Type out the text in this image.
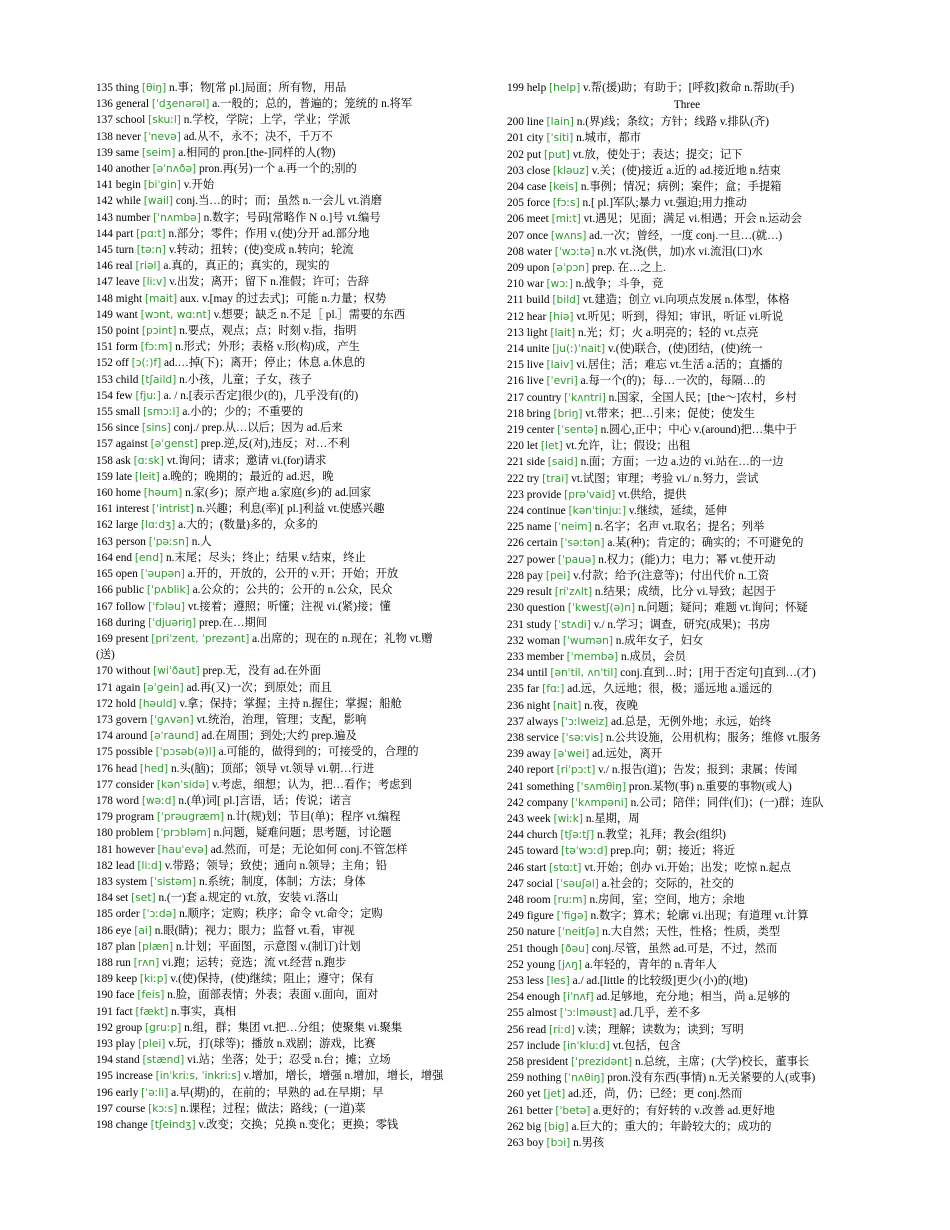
135 thing [θiŋ] n.事；物[常 pl.]局面；所有物，用品
136 general [ˈdʒenərəl] a.一般的；总的，普遍的；笼统的 n.将军
137 school [skuːl] n.学校，学院；上学，学业；学派
138 never [ˈnevə] ad.从不，永不；决不，千万不
139 same [seim] a.相同的 pron.[the-]同样的人(物)
140 another [əˈnʌðə] pron.再(另)一个 a.再一个的;别的
141 begin [biˈgin] v.开始
142 while [wail] conj.当…的时；而；虽然 n.一会儿 vt.消磨
143 number [ˈnʌmbə] n.数字；号码[常略作 N o.]号 vt.编号
144 part [pɑːt] n.部分；零件；作用 v.(使)分开 ad.部分地
145 turn [təːn] v.转动；扭转；(使)变成 n.转向；轮流
146 real [riəl] a.真的，真正的；真实的，现实的
147 leave [liːv] v.出发；离开；留下 n.准假；许可；告辞
148 might [mait] aux. v.[may 的过去式]；可能 n.力量；权势
149 want [wɔnt, wɑːnt] v.想要；缺乏 n.不足［ pl.］需要的东西
150 point [pɔint] n.要点，观点；点；时刻 v.指，指明
151 form [fɔːm] n.形式；外形；表格 v.形(构)成，产生
152 off [ɔ(ː)f] ad.…掉(下)；离开；停止；休息 a.休息的
153 child [tʃaild] n.小孩，儿童；子女，孩子
154 few [fjuː] a. / n.[表示否定]很少(的)，几乎没有(的)
155 small [smɔːl] a.小的；少的；不重要的
156 since [sins] conj./ prep.从…以后；因为 ad.后来
157 against [əˈgenst] prep.逆,反(对),违反；对…不利
158 ask [ɑːsk] vt.询问；请求；邀请 vi.(for)请求
159 late [leit] a.晚的；晚期的；最近的 ad.迟，晚
160 home [həum] n.家(乡)；原产地 a.家庭(乡)的 ad.回家
161 interest [ˈintrist] n.兴趣；利息(率)[ pl.]利益 vt.使感兴趣
162 large [lɑːdʒ] a.大的；(数量)多的，众多的
163 person [ˈpəːsn] n.人
164 end [end] n.末尾；尽头；终止；结果 v.结束，终止
165 open [ˈəupən] a.开的，开放的，公开的 v.开；开始；开放
166 public [ˈpʌblik] a.公众的；公共的；公开的 n.公众，民众
167 follow [ˈfɔləu] vt.接着；遵照；听懂；注视 vi.(紧)接；懂
168 during [ˈdjuəriŋ] prep.在…期间
169 present [priˈzent, ˈprezənt] a.出席的；现在的 n.现在；礼物 vt.赠(送)
170 without [wiˈðaut] prep.无，没有 ad.在外面
171 again [əˈgein] ad.再(又)一次；到原处；而且
172 hold [həuld] v.拿；保持；掌握；主持 n.握住；掌握；船舱
173 govern [ˈgʌvən] vt.统治，治理，管理；支配，影响
174 around [əˈraund] ad.在周围；到处;大约 prep.遍及
175 possible [ˈpɔsəb(ə)l] a.可能的，做得到的；可接受的，合理的
176 head [hed] n.头(脑)；顶部；领导 vt.领导 vi.朝…行进
177 consider [kənˈsidə] v.考虑，细想；认为，把…看作；考虑到
178 word [wəːd] n.(单)词[ pl.]言语，话；传说；诺言
179 program [ˈprəugræm] n.计(规)划；节目(单)；程序 vt.编程
180 problem [ˈprɔbləm] n.问题，疑难问题；思考题，讨论题
181 however [hauˈevə] ad.然而，可是；无论如何 conj.不管怎样
182 lead [liːd] v.带路；领导；致使；通向 n.领导；主角；铅
183 system [ˈsistəm] n.系统；制度，体制；方法；身体
184 set [set] n.(一)套 a.规定的 vt.放，安装 vi.落山
185 order [ˈɔːdə] n.顺序；定购；秩序；命令 vt.命令；定购
186 eye [ai] n.眼(睛)；视力；眼力；监督 vt.看，审视
187 plan [plæn] n.计划；平面图，示意图 v.(制订)计划
188 run [rʌn] vi.跑；运转；竞选；流 vt.经营 n.跑步
189 keep [kiːp] v.(使)保持，(使)继续；阻止；遵守；保有
190 face [feis] n.脸，面部表情；外表；表面 v.面向，面对
191 fact [fækt] n.事实，真相
192 group [gruːp] n.组，群；集团 vt.把…分组；使聚集 vi.聚集
193 play [plei] v.玩，打(球等)；播放 n.戏剧；游戏，比赛
194 stand [stænd] vi.站；坐落；处于；忍受 n.台；摊；立场
195 increase [inˈkriːs, ˈinkriːs] v.增加，增长，增强 n.增加，增长，增强
196 early [ˈəːli] a.早(期)的，在前的；早熟的 ad.在早期；早
197 course [kɔːs] n.课程；过程；做法；路线；(一道)菜
198 change [tʃeindʒ] v.改变；交换；兑换 n.变化；更换；零钱
199 help [help] v.帮(援)助；有助于；[呼救]救命 n.帮助(手)
Three
200 line [lain] n.(界)线；条纹；方针；线路 v.排队(齐)
201 city [ˈsiti] n.城市，都市
202 put [put] vt.放，使处于；表达；提交；记下
203 close [kləuz] v.关；(使)接近 a.近的 ad.接近地 n.结束
204 case [keis] n.事例；情况；病例；案件；盒；手提箱
205 force [fɔːs] n.[ pl.]军队;暴力 vt.强迫;用力推动
206 meet [miːt] vt.遇见；见面；满足 vi.相遇；开会 n.运动会
207 once [wʌns] ad.一次；曾经，一度 conj.一旦…(就…)
208 water [ˈwɔːtə] n.水 vt.浇(供，加)水 vi.流泪(口)水
209 upon [əˈpɔn] prep. 在…之上.
210 war [wɔː] n.战争；斗争，竞
211 build [bild] vt.建造；创立 vi.向项点发展 n.体型，体格
212 hear [hiə] vt.听见；听到，得知；审讯，听证 vi.听说
213 light [lait] n.光；灯；火 a.明亮的；轻的 vt.点亮
214 unite [ju(ː)ˈnait] v.(使)联合，(使)团结，(使)统一
215 live [laiv] vi.居住；活；难忘 vt.生活 a.活的；直播的
216 live [ˈevri] a.每一个(的)；每…一次的，每隔…的
217 country [ˈkʌntri] n.国家，全国人民；[the～]农村，乡村
218 bring [briŋ] vt.带来；把…引来；促使；使发生
219 center [ˈsentə] n.圆心,正中；中心 v.(around)把…集中于
220 let [let] vt.允许，让；假设；出租
221 side [said] n.面；方面；一边 a.边的 vi.站在…的一边
222 try [trai] vt.试图；审理；考验 vi./ n.努力，尝试
223 provide [prəˈvaid] vt.供给，提供
224 continue [kənˈtinjuː] v.继续，延续，延伸
225 name [ˈneim] n.名字；名声 vt.取名；提名；列举
226 certain [ˈsəːtən] a.某(种)；肯定的；确实的；不可避免的
227 power [ˈpauə] n.权力；(能)力；电力；幂 vt.使开动
228 pay [pei] v.付款；给予(注意等)；付出代价 n.工资
229 result [riˈzʌlt] n.结果；成绩，比分 vi.导致；起因于
230 question [ˈkwestʃ(ə)n] n.问题；疑问；难题 vt.询问；怀疑
231 study [ˈstʌdi] v./ n.学习；调查，研究(成果)；书房
232 woman [ˈwumən] n.成年女子，妇女
233 member [ˈmembə] n.成员，会员
234 until [ənˈtil, ʌnˈtil] conj.直到…时；[用于否定句]直到…(才)
235 far [fɑː] ad.远，久远地；很，极；遥远地 a.遥远的
236 night [nait] n.夜，夜晚
237 always [ˈɔːlweiz] ad.总是，无例外地；永远，始终
238 service [ˈsəːvis] n.公共设施，公用机构；服务；维修 vt.服务
239 away [əˈwei] ad.远处，离开
240 report [riˈpɔːt] v./ n.报告(道)；告发；报到；隶属；传闻
241 something [ˈsʌmθiŋ] pron.某物(事) n.重要的事物(或人)
242 company [ˈkʌmpəni] n.公司；陪伴；同伴(们)；(一)群；连队
243 week [wiːk] n.星期，周
244 church [tʃəːtʃ] n.教堂；礼拜；教会(组织)
245 toward [təˈwɔːd] prep.向；朝；接近；将近
246 start [stɑːt] vt.开始；创办 vi.开始；出发；吃惊 n.起点
247 social [ˈsəuʃəl] a.社会的；交际的，社交的
248 room [ruːm] n.房间，室；空间，地方；余地
249 figure [ˈfigə] n.数字；算术；轮廓 vi.出现；有道理 vt.计算
250 nature [ˈneitʃə] n.大自然；天性，性格；性质，类型
251 though [ðəu] conj.尽管，虽然 ad.可是，不过，然而
252 young [jʌŋ] a.年轻的，青年的 n.青年人
253 less [les] a./ ad.[little 的比较级]更少(小)的(地)
254 enough [iˈnʌf] ad.足够地，充分地；相当，尚 a.足够的
255 almost [ˈɔːlməust] ad.几乎，差不多
256 read [riːd] v.读；理解；读数为；读到；写明
257 include [inˈkluːd] vt.包括，包含
258 president [ˈprezidənt] n.总统，主席；(大学)校长，董事长
259 nothing [ˈnʌθiŋ] pron.没有东西(事情) n.无关紧要的人(或事)
260 yet [jet] ad.还，尚，仍；已经；更 conj.然而
261 better [ˈbetə] a.更好的；有好转的 v.改善 ad.更好地
262 big [big] a.巨大的；重大的；年龄较大的；成功的
263 boy [bɔi] n.男孩
